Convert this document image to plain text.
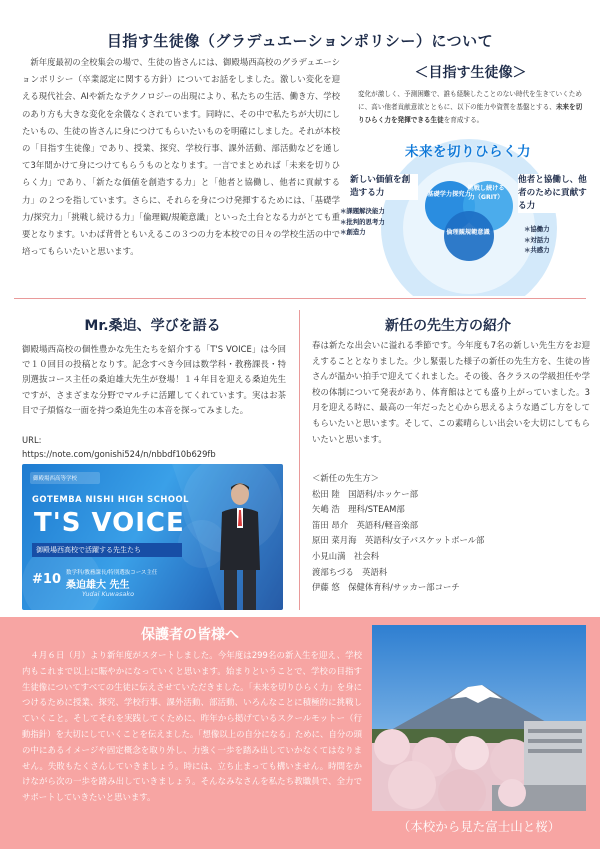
目指す生徒像（グラデュエーションポリシー）について
新年度最初の全校集会の場で、生徒の皆さんには、御殿場西高校のグラデュエーションポリシー（卒業認定に関する方針）についてお話をしました。激しい変化を迎える現代社会、AIや新たなテクノロジーの出現により、私たちの生活、働き方、学校のあり方も大きな変化を余儀なくされています。同時に、その中で私たちが大切にしたいもの、生徒の皆さんに身につけてもらいたいものを明確にしました。それが本校の「目指す生徒像」であり、授業、探究、学校行事、課外活動、部活動などを通して3年間かけて身につけてもらうものとなります。一言でまとめれば「未来を切りひらく力」であり、「新たな価値を創造する力」と「他者と協働し、他者に貢献する力」の２つを指しています。さらに、それらを身につけ発揮するためには、「基礎学力/探究力」「挑戦し続ける力」「倫理観/規範意識」といった土台となる力がとても重要となります。いわば背骨ともいえるこの３つの力を本校での日々の学校生活の中で培ってもらいたいと思います。
＜目指す生徒像＞
変化が激しく、予測困難で、誰も経験したことのない時代を生きていくために、高い他者貢献意欲とともに、以下の能力や資質を基盤とする、未来を切りひらく力を発揮できる生徒を育成する。
未来を切りひらく力
新しい価値を創造する力
＊課題解決能力
＊批判的思考力
＊創造力
他者と協働し、他者のために貢献する力
＊協働力
＊対話力
＊共感力
基礎学力探究力
挑戦し続ける力（GRIT）
倫理観規範意識
Mr.桑迫、学びを語る
御殿場西高校の個性豊かな先生たちを紹介する「T'S VOICE」は今回で１０回目の投稿となりす。記念すべき今回は数学科・教務課長・特別選抜コース主任の桑迫雄大先生が登場！１４年目を迎える桑迫先生ですが、さまざまな分野でマルチに活躍してくれています。実はお茶目で子煩悩な一面を持つ桑迫先生の本音を探ってみました。
URL:
https://note.com/gonishi524/n/nbbdf10b629fb
御殿場西高等学校
GOTEMBA NISHI HIGH SCHOOL
T'S VOICE
御殿場西高校で活躍する先生たち
#10 数学科/教務課長/特別選抜コース主任
桑迫雄大 先生
Yudai Kuwasako
新任の先生方の紹介
春は新たな出会いに溢れる季節です。今年度も7名の新しい先生方をお迎えすることとなりました。少し緊張した様子の新任の先生方を、生徒の皆さんが温かい拍手で迎えてくれました。その後、各クラスの学級担任や学校の体制について発表があり、体育館はとても盛り上がっていました。3月を迎える時に、最高の一年だったと心から思えるような過ごし方をしてもらいたいと思います。そして、この素晴らしい出会いを大切にしてもらいたいと思います。
＜新任の先生方＞
松田 陸　国語科/ホッケー部
矢嶋 浩　理科/STEAM部
笛田 昂介　英語科/軽音楽部
原田 菜月海　英語科/女子バスケットボール部
小見山満　社会科
渡部ちづる　英語科
伊藤 悠　保健体育科/サッカー部コーチ
保護者の皆様へ
４月６日（月）より新年度がスタートしました。今年度は299名の新入生を迎え、学校内もこれまで以上に賑やかになっていくと思います。始まりということで、学校の目指す生徒像についてすべての生徒に伝えさせていただきました。「未来を切りひらく力」を身につけるために授業、探究、学校行事、課外活動、部活動、いろんなことに積極的に挑戦していくこと。そしてそれを実践してくために、昨年から掲げているスクールモットー（行動指針）を大切にしていくことを伝えました。「想像以上の自分になる」ために、自分の頭の中にあるイメージや固定概念を取り外し、力強く一歩を踏み出していかなくてはなりません。失敗もたくさんしていきましょう。時には、立ち止まっても構いません。時間をかけながら次の一歩を踏み出していきましょう。そんなみなさんを私たち教職員で、全力でサポートしていきたいと思います。
（本校から見た富士山と桜）
